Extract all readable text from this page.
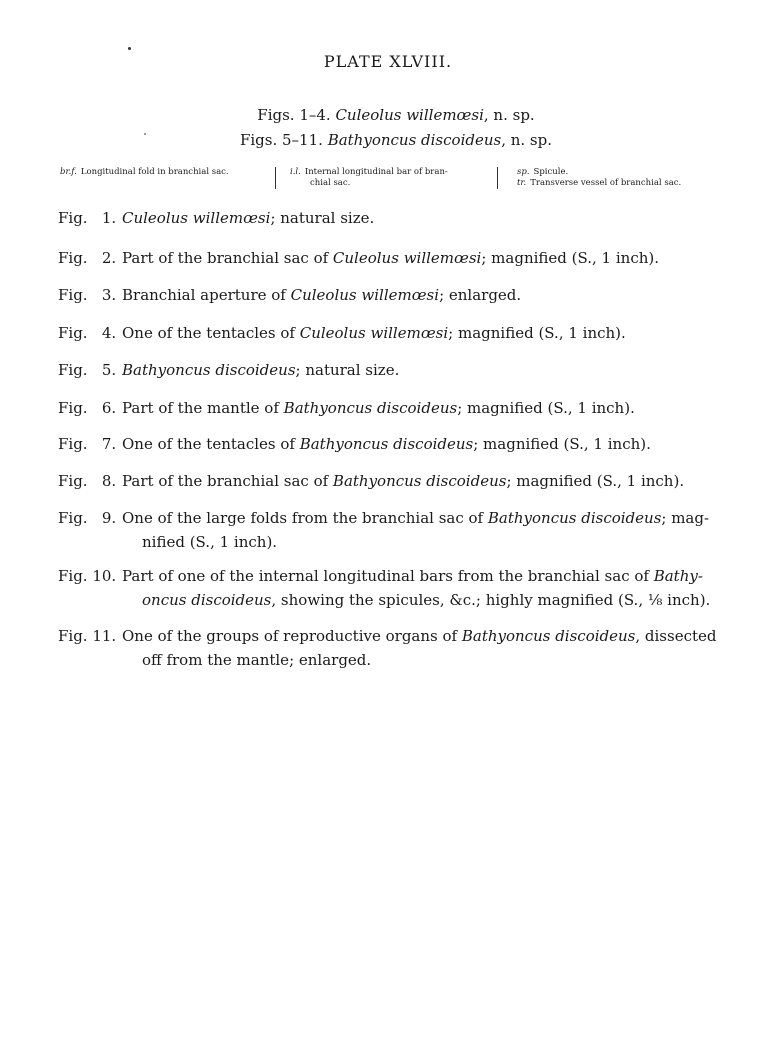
PLATE XLVIII.
Figs. 1–4. Culeolus willemœsi, n. sp.
Figs. 5–11. Bathyoncus discoideus, n. sp.
br.f. Longitudinal fold in branchial sac.	i.l. Internal longitudinal bar of bran-
chial sac.
sp. Spicule.
tr. Transverse vessel of branchial sac.
Fig.   1. Culeolus willemœsi; natural size.
Fig.   2. Part of the branchial sac of Culeolus willemœsi; magnified (S., 1 inch).
Fig.   3. Branchial aperture of Culeolus willemœsi; enlarged.
Fig.   4. One of the tentacles of Culeolus willemœsi; magnified (S., 1 inch).
Fig.   5. Bathyoncus discoideus; natural size.
Fig.   6. Part of the mantle of Bathyoncus discoideus; magnified (S., 1 inch).
Fig.   7. One of the tentacles of Bathyoncus discoideus; magnified (S., 1 inch).
Fig.   8. Part of the branchial sac of Bathyoncus discoideus; magnified (S., 1 inch).
Fig.   9. One of the large folds from the branchial sac of Bathyoncus discoideus; mag-
nified (S., 1 inch).
Fig. 10. Part of one of the internal longitudinal bars from the branchial sac of Bathy-
oncus discoideus, showing the spicules, &c.; highly magnified (S., ⅛ inch).
Fig. 11. One of the groups of reproductive organs of Bathyoncus discoideus, dissected
off from the mantle; enlarged.
